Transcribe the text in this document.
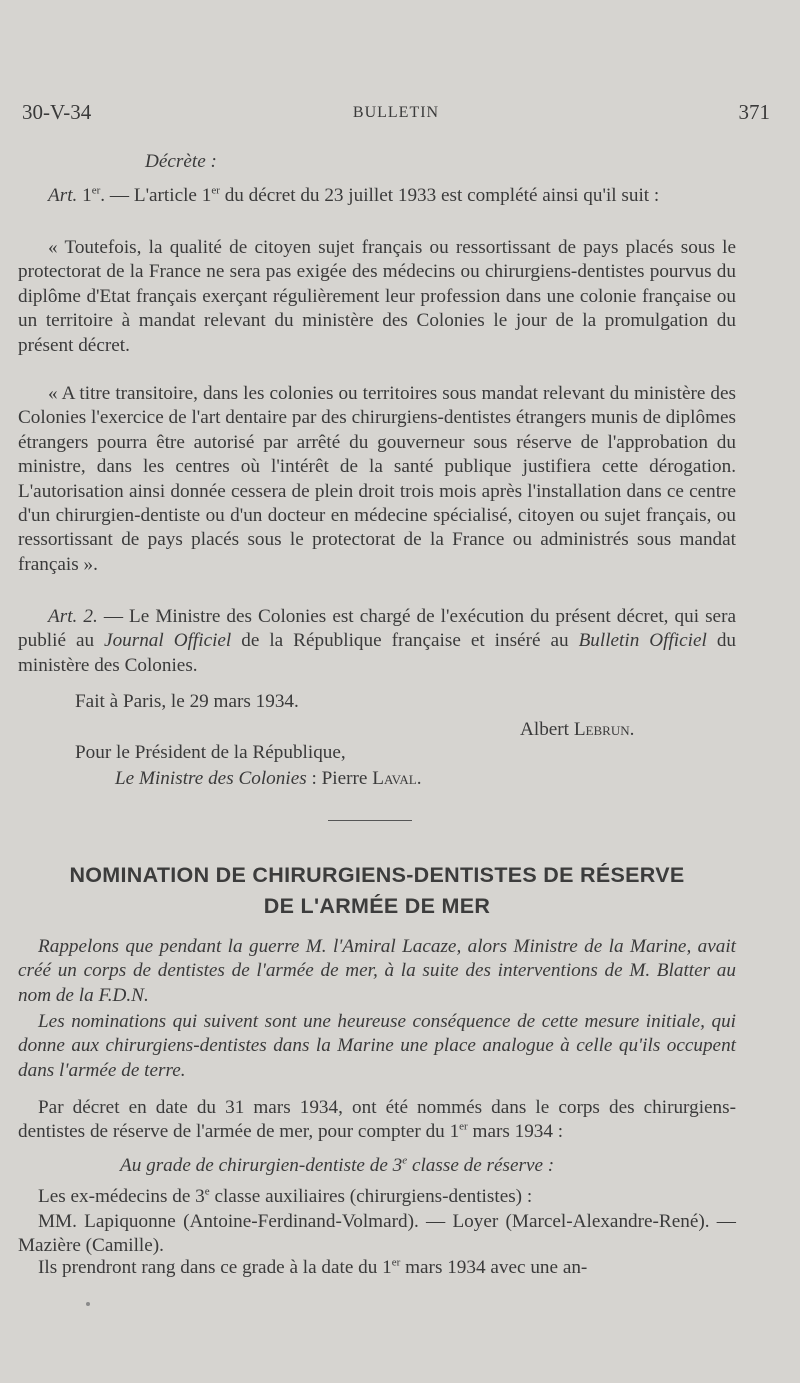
30-V-34	BULLETIN	371
Décrète :

Art. 1er. — L'article 1er du décret du 23 juillet 1933 est complété ainsi qu'il suit :

« Toutefois, la qualité de citoyen sujet français ou ressortissant de pays placés sous le protectorat de la France ne sera pas exigée des médecins ou chirurgiens-dentistes pourvus du diplôme d'Etat français exerçant régulièrement leur profession dans une colonie française ou un territoire à mandat relevant du ministère des Colonies le jour de la promulgation du présent décret.

« A titre transitoire, dans les colonies ou territoires sous mandat relevant du ministère des Colonies l'exercice de l'art dentaire par des chirurgiens-dentistes étrangers munis de diplômes étrangers pourra être autorisé par arrêté du gouverneur sous réserve de l'approbation du ministre, dans les centres où l'intérêt de la santé publique justifiera cette dérogation. L'autorisation ainsi donnée cessera de plein droit trois mois après l'installation dans ce centre d'un chirurgien-dentiste ou d'un docteur en médecine spécialisé, citoyen ou sujet français, ou ressortissant de pays placés sous le protectorat de la France ou administrés sous mandat français ».

Art. 2. — Le Ministre des Colonies est chargé de l'exécution du présent décret, qui sera publié au Journal Officiel de la République française et inséré au Bulletin Officiel du ministère des Colonies.

Fait à Paris, le 29 mars 1934.
Albert Lebrun.
Pour le Président de la République,
Le Ministre des Colonies : Pierre Laval.
NOMINATION DE CHIRURGIENS-DENTISTES DE RÉSERVE
DE L'ARMÉE DE MER

Rappelons que pendant la guerre M. l'Amiral Lacaze, alors Ministre de la Marine, avait créé un corps de dentistes de l'armée de mer, à la suite des interventions de M. Blatter au nom de la F.D.N.

Les nominations qui suivent sont une heureuse conséquence de cette mesure initiale, qui donne aux chirurgiens-dentistes dans la Marine une place analogue à celle qu'ils occupent dans l'armée de terre.

Par décret en date du 31 mars 1934, ont été nommés dans le corps des chirurgiens-dentistes de réserve de l'armée de mer, pour compter du 1er mars 1934 :

Au grade de chirurgien-dentiste de 3e classe de réserve :

Les ex-médecins de 3e classe auxiliaires (chirurgiens-dentistes) :

MM. Lapiquonne (Antoine-Ferdinand-Volmard). — Loyer (Marcel-Alexandre-René). — Mazière (Camille).

Ils prendront rang dans ce grade à la date du 1er mars 1934 avec une an-
